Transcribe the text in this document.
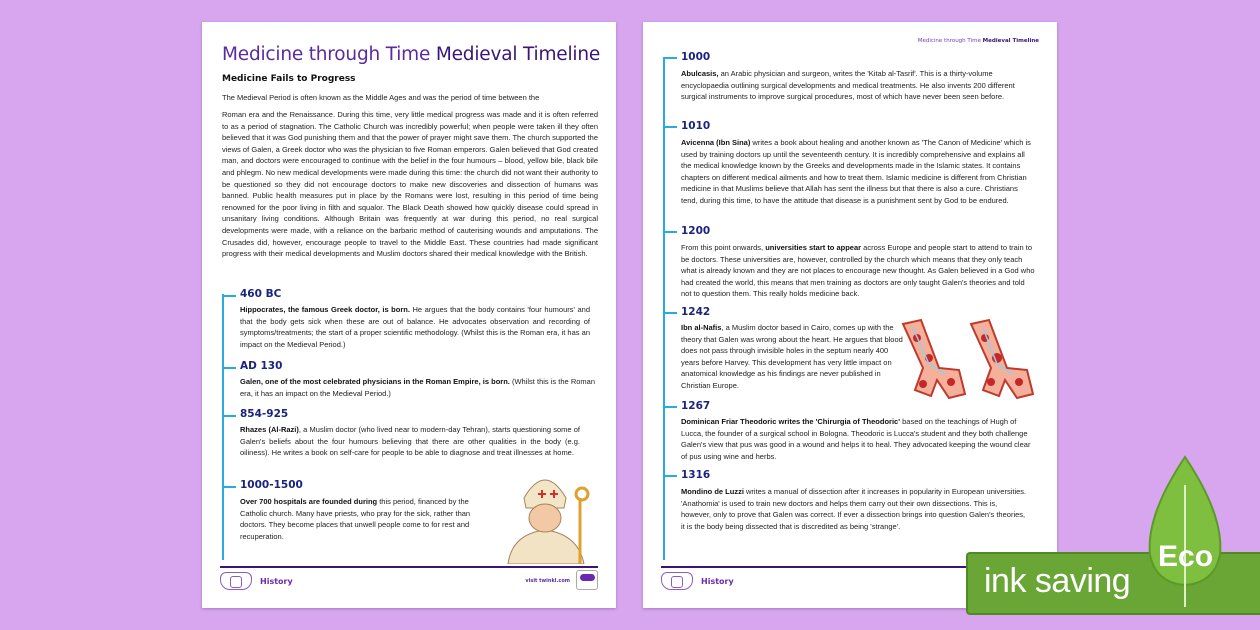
Medicine through Time Medieval Timeline
Medicine Fails to Progress
The Medieval Period is often known as the Middle Ages and was the period of time between the
Roman era and the Renaissance. During this time, very little medical progress was made and it is often referred to as a period of stagnation. The Catholic Church was incredibly powerful; when people were taken ill they often believed that it was God punishing them and that the power of prayer might save them. The church supported the views of Galen, a Greek doctor who was the physician to five Roman emperors. Galen believed that God created man, and doctors were encouraged to continue with the belief in the four humours – blood, yellow bile, black bile and phlegm. No new medical developments were made during this time: the church did not want their authority to be questioned so they did not encourage doctors to make new discoveries and dissection of humans was banned. Public health measures put in place by the Romans were lost, resulting in this period of time being renowned for the poor living in filth and squalor. The Black Death showed how quickly disease could spread in unsanitary living conditions. Although Britain was frequently at war during this period, no real surgical developments were made, with a reliance on the barbaric method of cauterising wounds and amputations. The Crusades did, however, encourage people to travel to the Middle East. These countries had made significant progress with their medical developments and Muslim doctors shared their medical knowledge with the British.
460 BC
Hippocrates, the famous Greek doctor, is born. He argues that the body contains 'four humours' and that the body gets sick when these are out of balance. He advocates observation and recording of symptoms/treatments; the start of a proper scientific methodology. (Whilst this is the Roman era, it has an impact on the Medieval Period.)
AD 130
Galen, one of the most celebrated physicians in the Roman Empire, is born. (Whilst this is the Roman era, it has an impact on the Medieval Period.)
854-925
Rhazes (Al-Razi), a Muslim doctor (who lived near to modern-day Tehran), starts questioning some of Galen's beliefs about the four humours believing that there are other qualities in the body (e.g. oiliness). He writes a book on self-care for people to be able to diagnose and treat illnesses at home.
1000-1500
Over 700 hospitals are founded during this period, financed by the Catholic church. Many have priests, who pray for the sick, rather than doctors. They become places that unwell people come to for rest and recuperation.
History	visit twinkl.com
Medicine through Time Medieval Timeline
1000
Abulcasis, an Arabic physician and surgeon, writes the 'Kitab al-Tasrif'. This is a thirty-volume encyclopaedia outlining surgical developments and medical treatments. He also invents 200 different surgical instruments to improve surgical procedures, most of which have never been seen before.
1010
Avicenna (Ibn Sina) writes a book about healing and another known as 'The Canon of Medicine' which is used by training doctors up until the seventeenth century. It is incredibly comprehensive and explains all the medical knowledge known by the Greeks and developments made in the Islamic states. It contains chapters on different medical ailments and how to treat them. Islamic medicine is different from Christian medicine in that Muslims believe that Allah has sent the illness but that there is also a cure. Christians tend, during this time, to have the attitude that disease is a punishment sent by God to be endured.
1200
From this point onwards, universities start to appear across Europe and people start to attend to train to be doctors. These universities are, however, controlled by the church which means that they only teach what is already known and they are not places to encourage new thought. As Galen believed in a God who had created the world, this means that men training as doctors are only taught Galen's theories and told not to question them. This really holds medicine back.
1242
Ibn al-Nafis, a Muslim doctor based in Cairo, comes up with the theory that Galen was wrong about the heart. He argues that blood does not pass through invisible holes in the septum nearly 400 years before Harvey. This development has very little impact on anatomical knowledge as his findings are never published in Christian Europe.
1267
Dominican Friar Theodoric writes the 'Chirurgia of Theodoric' based on the teachings of Hugh of Lucca, the founder of a surgical school in Bologna. Theodoric is Lucca's student and they both challenge Galen's view that pus was good in a wound and helps it to heal. They advocated keeping the wound clear of pus using wine and herbs.
1316
Mondino de Luzzi writes a manual of dissection after it increases in popularity in European universities. 'Anathomia' is used to train new doctors and helps them carry out their own dissections. This is, however, only to prove that Galen was correct. If ever a dissection brings into question Galen's theories, it is the body being dissected that is discredited as being 'strange'.
History	ink saving
Eco
